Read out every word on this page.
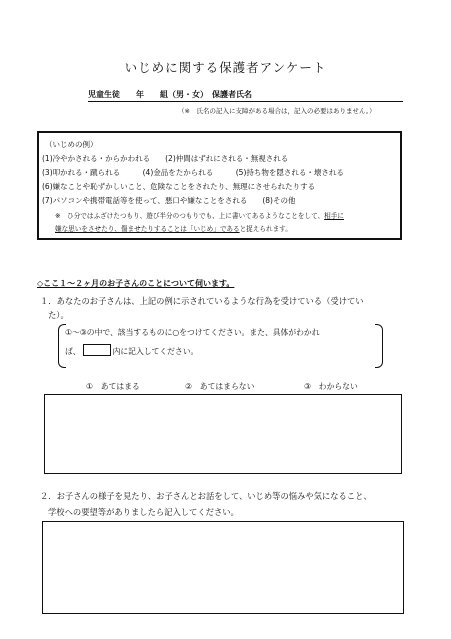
いじめに関する保護者アンケート
児童生徒　　年　　組（男・女）　保護者氏名
（※　氏名の記入に支障がある場合は，記入の必要はありません。）
（いじめの例）
(1)冷やかされる・からかわれる　　(2)仲間はずれにされる・無視される
(3)叩かれる・蹴られる　　　(4)金品をたかられる　　　(5)持ち物を隠される・壊される
(6)嫌なことや恥ずかしいこと、危険なことをされたり、無理にさせられたりする
(7)パソコンや携帯電話等を使って、悪口や嫌なことをされる　　(8)その他
※　ひ分ではふざけたつもり、遊び半分のつもりでも、上に書いてあるようなことをして、相手に
嫌な思いをさせたり、傷ませたりすることは「いじめ」であると捉えられます。
◇ここ１～２ヶ月のお子さんのことについて伺います。
１．あなたのお子さんは、上記の例に示されているような行為を受けている（受けてい
た）。
①～③の中で、該当するものに○をつけてください。また、具体がわかれ
ば、	内に記入してください。
①　あてはまる	②　あてはまらない	③　わからない
２．お子さんの様子を見たり、お子さんとお話をして、いじめ等の悩みや気になること、
学校への要望等がありましたら記入してください。
